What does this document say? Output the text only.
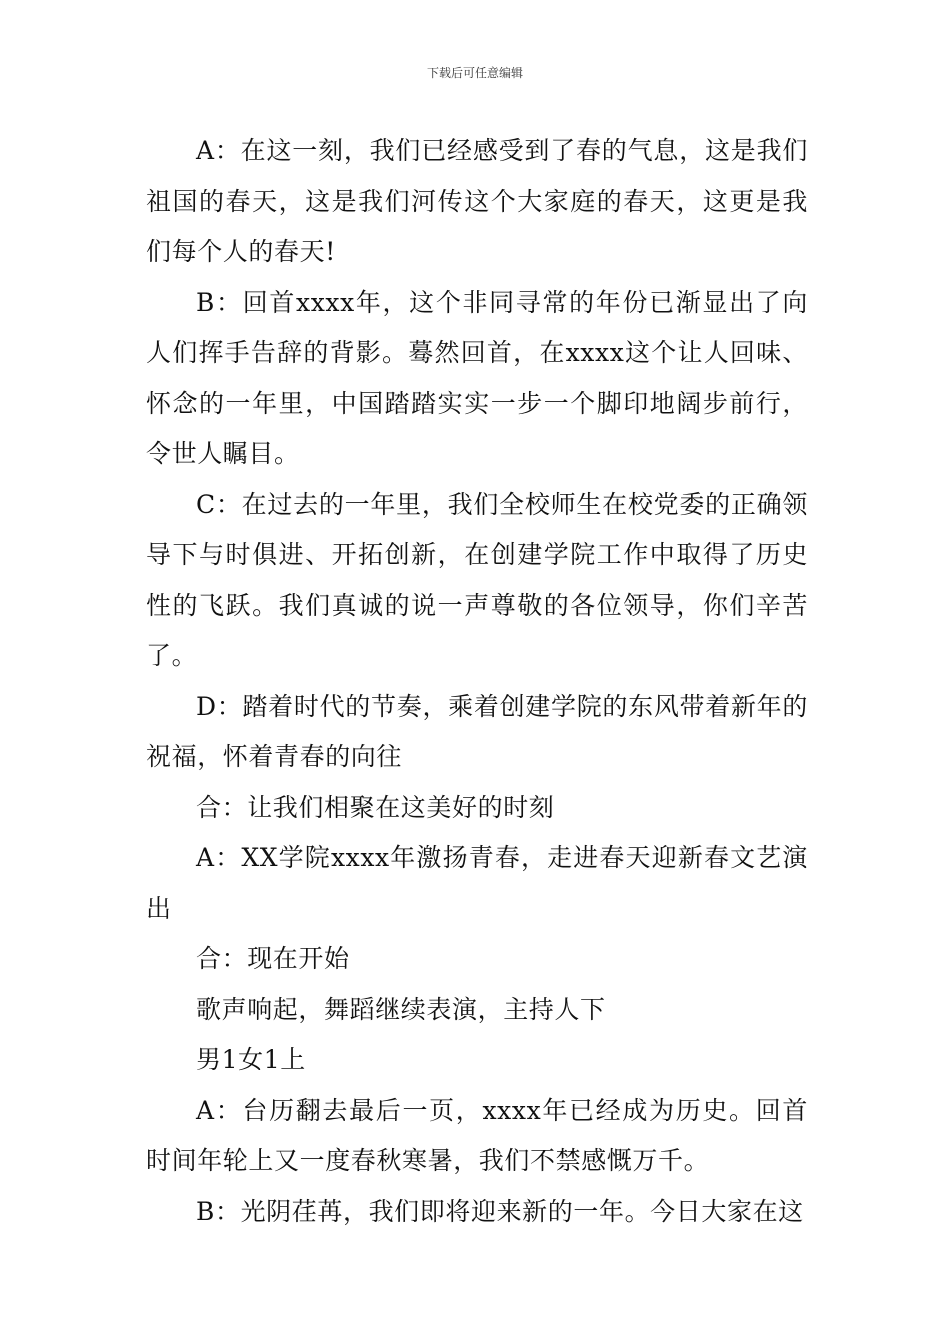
下载后可任意编辑

A：在这一刻，我们已经感受到了春的气息，这是我们祖国的春天，这是我们河传这个大家庭的春天，这更是我们每个人的春天!

B：回首xxxx年，这个非同寻常的年份已渐显出了向人们挥手告辞的背影。蓦然回首，在xxxx这个让人回味、怀念的一年里，中国踏踏实实一步一个脚印地阔步前行，令世人瞩目。

C：在过去的一年里，我们全校师生在校党委的正确领导下与时俱进、开拓创新，在创建学院工作中取得了历史性的飞跃。我们真诚的说一声尊敬的各位领导，你们辛苦了。

D：踏着时代的节奏，乘着创建学院的东风带着新年的祝福，怀着青春的向往

合：让我们相聚在这美好的时刻

A：XX学院xxxx年激扬青春，走进春天迎新春文艺演出

合：现在开始

歌声响起，舞蹈继续表演，主持人下

男1女1上

A：台历翻去最后一页，xxxx年已经成为历史。回首时间年轮上又一度春秋寒暑，我们不禁感慨万千。

B：光阴荏苒，我们即将迎来新的一年。今日大家在这
